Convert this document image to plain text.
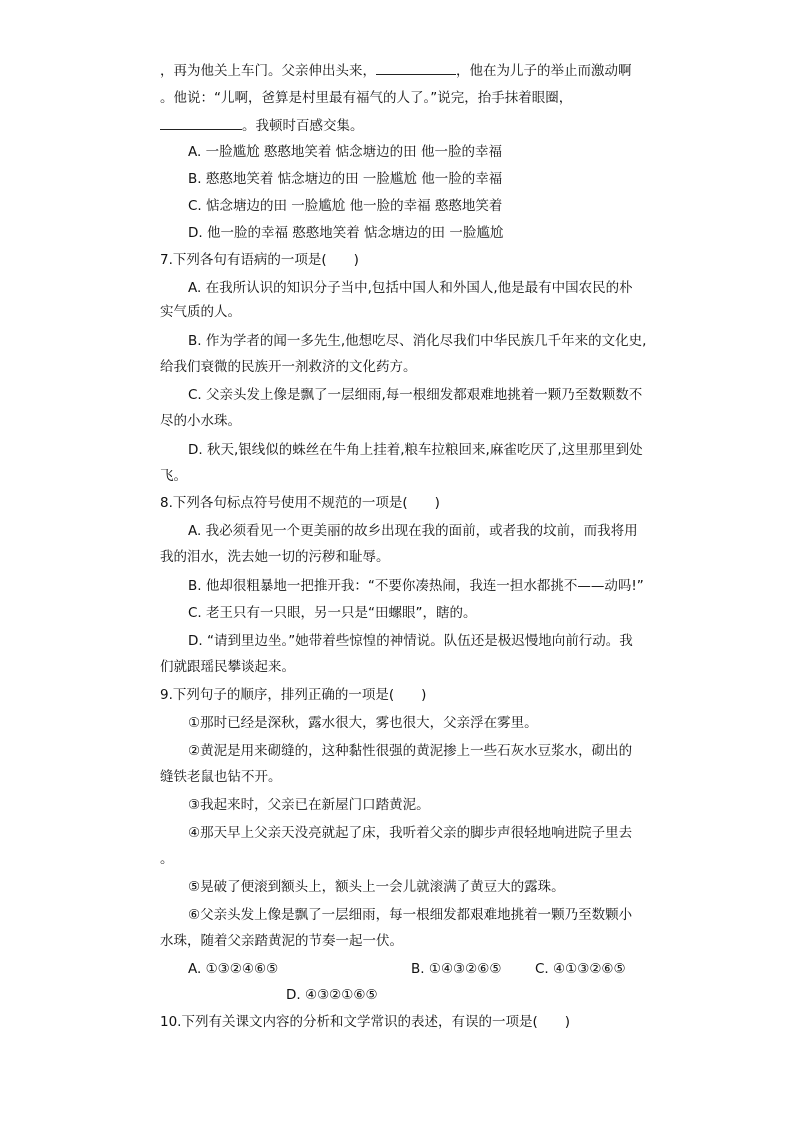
，再为他关上车门。父亲伸出头来，	，他在为儿子的举止而激动啊
。他说：“儿啊，爸算是村里最有福气的人了。”说完，抬手抹着眼圈，
。我顿时百感交集。
A. 一脸尴尬 憨憨地笑着 惦念塘边的田 他一脸的幸福
B. 憨憨地笑着 惦念塘边的田 一脸尴尬 他一脸的幸福
C. 惦念塘边的田 一脸尴尬 他一脸的幸福 憨憨地笑着
D. 他一脸的幸福 憨憨地笑着 惦念塘边的田 一脸尴尬
7.下列各句有语病的一项是(　　)
A. 在我所认识的知识分子当中,包括中国人和外国人,他是最有中国农民的朴
实气质的人。
B. 作为学者的闻一多先生,他想吃尽、消化尽我们中华民族几千年来的文化史,
给我们衰微的民族开一剂救济的文化药方。
C. 父亲头发上像是飘了一层细雨,每一根细发都艰难地挑着一颗乃至数颗数不
尽的小水珠。
D. 秋天,银线似的蛛丝在牛角上挂着,粮车拉粮回来,麻雀吃厌了,这里那里到处
飞。
8.下列各句标点符号使用不规范的一项是(　　)
A. 我必须看见一个更美丽的故乡出现在我的面前，或者我的坟前，而我将用
我的泪水，洗去她一切的污秽和耻辱。
B. 他却很粗暴地一把推开我：“不要你凑热闹，我连一担水都挑不——动吗!”
C. 老王只有一只眼，另一只是“田螺眼”，瞎的。
D. “请到里边坐。”她带着些惊惶的神情说。队伍还是极迟慢地向前行动。我
们就跟瑶民攀谈起来。
9.下列句子的顺序，排列正确的一项是(　　)
①那时已经是深秋，露水很大，雾也很大，父亲浮在雾里。
②黄泥是用来砌缝的，这种黏性很强的黄泥掺上一些石灰水豆浆水，砌出的
缝铁老鼠也钻不开。
③我起来时，父亲已在新屋门口踏黄泥。
④那天早上父亲天没亮就起了床，我听着父亲的脚步声很轻地响进院子里去
。
⑤晃破了便滚到额头上，额头上一会儿就滚满了黄豆大的露珠。
⑥父亲头发上像是飘了一层细雨，每一根细发都艰难地挑着一颗乃至数颗小
水珠，随着父亲踏黄泥的节奏一起一伏。
A. ①③②④⑥⑤	B. ①④③②⑥⑤ C. ④①③②⑥⑤
D. ④③②①⑥⑤
10.下列有关课文内容的分析和文学常识的表述，有误的一项是(　　)
